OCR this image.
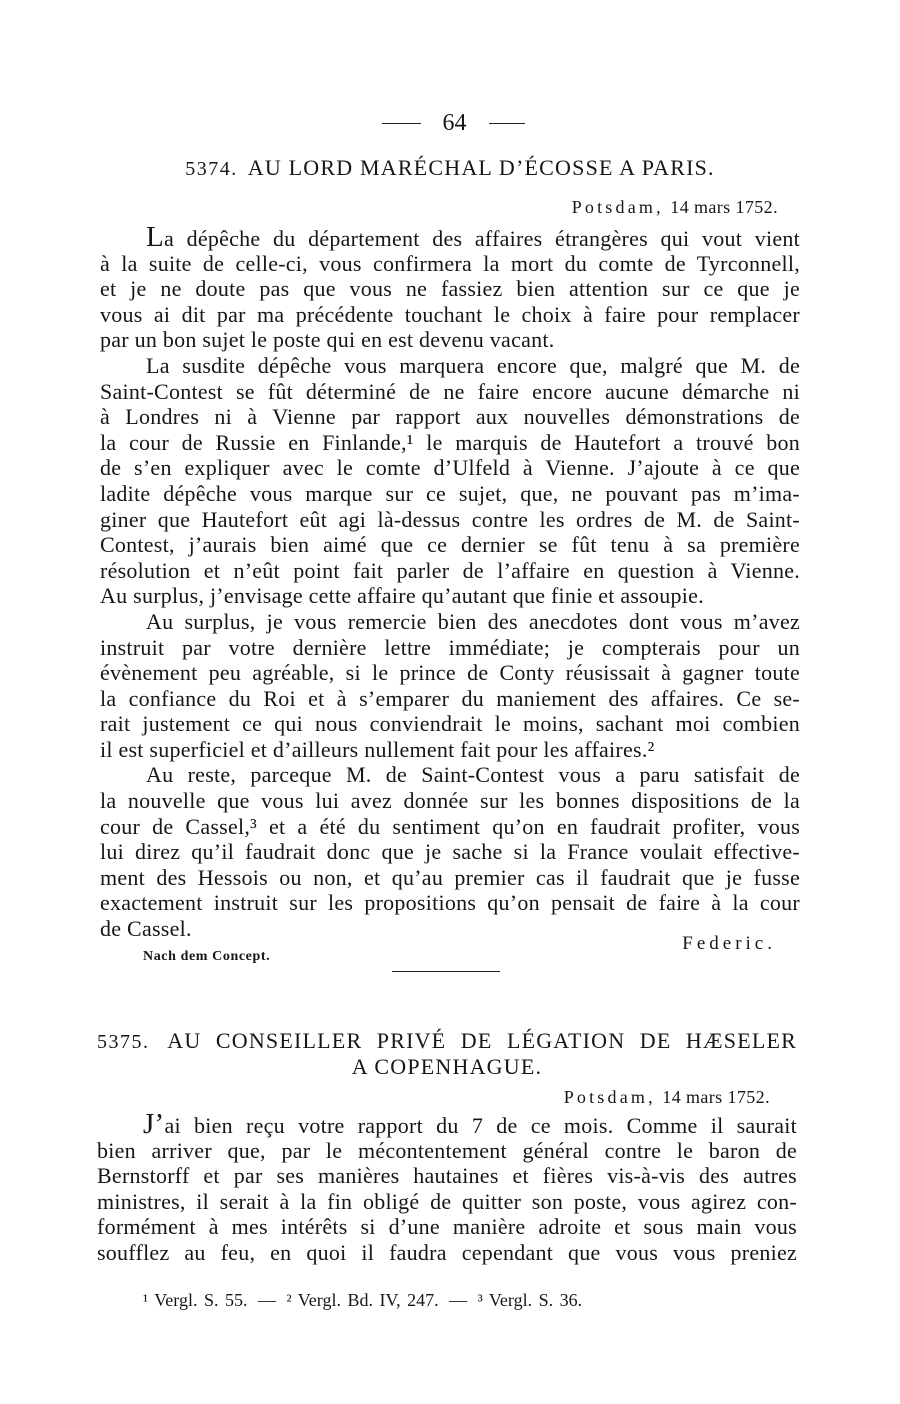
64
5374. AU LORD MARÉCHAL D’ÉCOSSE A PARIS.
Potsdam, 14 mars 1752.
La dépêche du département des affaires étrangères qui vout vient
à la suite de celle-ci, vous confirmera la mort du comte de Tyrconnell,
et je ne doute pas que vous ne fassiez bien attention sur ce que je
vous ai dit par ma précédente touchant le choix à faire pour remplacer
par un bon sujet le poste qui en est devenu vacant.
La susdite dépêche vous marquera encore que, malgré que M. de
Saint-Contest se fût déterminé de ne faire encore aucune démarche ni
à Londres ni à Vienne par rapport aux nouvelles démonstrations de
la cour de Russie en Finlande,¹ le marquis de Hautefort a trouvé bon
de s’en expliquer avec le comte d’Ulfeld à Vienne. J’ajoute à ce que
ladite dépêche vous marque sur ce sujet, que, ne pouvant pas m’ima-
giner que Hautefort eût agi là-dessus contre les ordres de M. de Saint-
Contest, j’aurais bien aimé que ce dernier se fût tenu à sa première
résolution et n’eût point fait parler de l’affaire en question à Vienne.
Au surplus, j’envisage cette affaire qu’autant que finie et assoupie.
Au surplus, je vous remercie bien des anecdotes dont vous m’avez
instruit par votre dernière lettre immédiate; je compterais pour un
évènement peu agréable, si le prince de Conty réusissait à gagner toute
la confiance du Roi et à s’emparer du maniement des affaires. Ce se-
rait justement ce qui nous conviendrait le moins, sachant moi combien
il est superficiel et d’ailleurs nullement fait pour les affaires.²
Au reste, parceque M. de Saint-Contest vous a paru satisfait de
la nouvelle que vous lui avez donnée sur les bonnes dispositions de la
cour de Cassel,³ et a été du sentiment qu’on en faudrait profiter, vous
lui direz qu’il faudrait donc que je sache si la France voulait effective-
ment des Hessois ou non, et qu’au premier cas il faudrait que je fusse
exactement instruit sur les propositions qu’on pensait de faire à la cour
de Cassel.
Federic.
Nach dem Concept.
5375. AU CONSEILLER PRIVÉ DE LÉGATION DE HÆSELER
A COPENHAGUE.
Potsdam, 14 mars 1752.
J’ai bien reçu votre rapport du 7 de ce mois. Comme il saurait
bien arriver que, par le mécontentement général contre le baron de
Bernstorff et par ses manières hautaines et fières vis-à-vis des autres
ministres, il serait à la fin obligé de quitter son poste, vous agirez con-
formément à mes intérêts si d’une manière adroite et sous main vous
soufflez au feu, en quoi il faudra cependant que vous vous preniez
¹ Vergl. S. 55. — ² Vergl. Bd. IV, 247. — ³ Vergl. S. 36.
